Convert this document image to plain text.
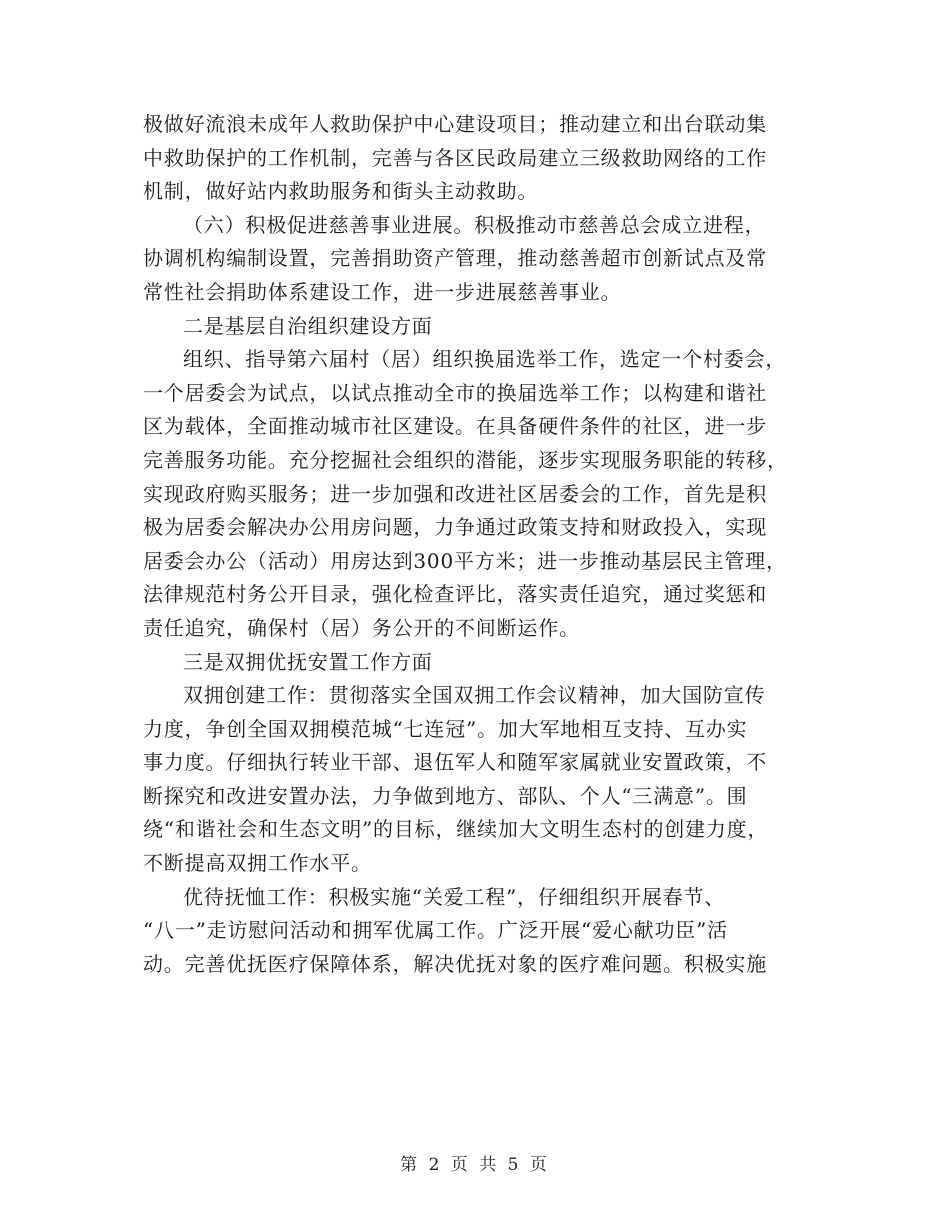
极做好流浪未成年人救助保护中心建设项目；推动建立和出台联动集
中救助保护的工作机制，完善与各区民政局建立三级救助网络的工作
机制，做好站内救助服务和街头主动救助。
（六）积极促进慈善事业进展。积极推动市慈善总会成立进程，
协调机构编制设置，完善捐助资产管理，推动慈善超市创新试点及常
常性社会捐助体系建设工作，进一步进展慈善事业。
二是基层自治组织建设方面
组织、指导第六届村（居）组织换届选举工作，选定一个村委会，
一个居委会为试点，以试点推动全市的换届选举工作；以构建和谐社
区为载体，全面推动城市社区建设。在具备硬件条件的社区，进一步
完善服务功能。充分挖掘社会组织的潜能，逐步实现服务职能的转移，
实现政府购买服务；进一步加强和改进社区居委会的工作，首先是积
极为居委会解决办公用房问题，力争通过政策支持和财政投入，实现
居委会办公（活动）用房达到300平方米；进一步推动基层民主管理，
法律规范村务公开目录，强化检查评比，落实责任追究，通过奖惩和
责任追究，确保村（居）务公开的不间断运作。
三是双拥优抚安置工作方面
双拥创建工作：贯彻落实全国双拥工作会议精神，加大国防宣传
力度，争创全国双拥模范城“七连冠”。加大军地相互支持、互办实
事力度。仔细执行转业干部、退伍军人和随军家属就业安置政策，不
断探究和改进安置办法，力争做到地方、部队、个人“三满意”。围
绕“和谐社会和生态文明”的目标，继续加大文明生态村的创建力度，
不断提高双拥工作水平。
优待抚恤工作：积极实施“关爱工程”，仔细组织开展春节、
“八一”走访慰问活动和拥军优属工作。广泛开展“爱心献功臣”活
动。完善优抚医疗保障体系，解决优抚对象的医疗难问题。积极实施
第 2 页 共 5 页
